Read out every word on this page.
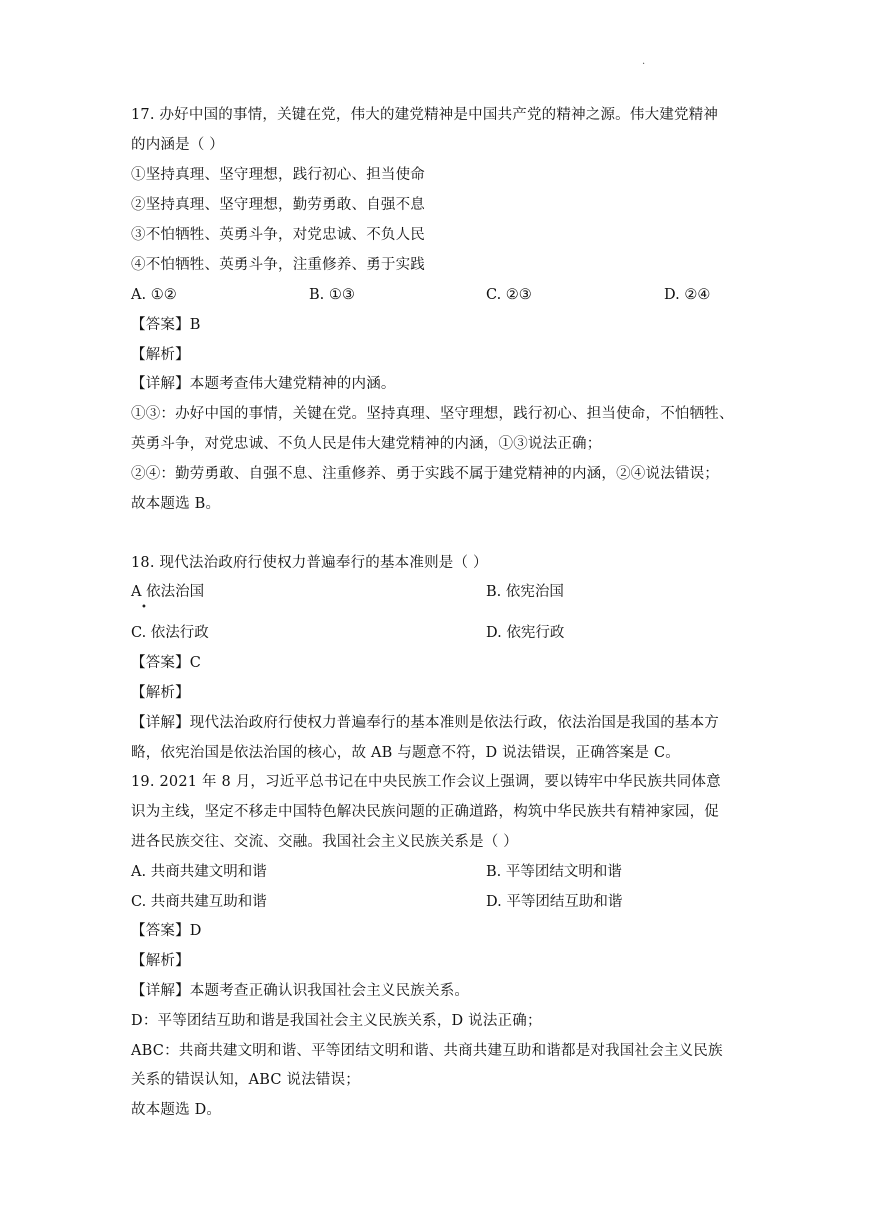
.
17. 办好中国的事情，关键在党，伟大的建党精神是中国共产党的精神之源。伟大建党精神
的内涵是（ ）
①坚持真理、坚守理想，践行初心、担当使命
②坚持真理、坚守理想，勤劳勇敢、自强不息
③不怕牺牲、英勇斗争，对党忠诚、不负人民
④不怕牺牲、英勇斗争，注重修养、勇于实践
A. ①②	B. ①③	C. ②③	D. ②④
【答案】B
【解析】
【详解】本题考查伟大建党精神的内涵。
①③：办好中国的事情，关键在党。坚持真理、坚守理想，践行初心、担当使命，不怕牺牲、
英勇斗争，对党忠诚、不负人民是伟大建党精神的内涵，①③说法正确；
②④：勤劳勇敢、自强不息、注重修养、勇于实践不属于建党精神的内涵，②④说法错误；
故本题选 B。
18. 现代法治政府行使权力普遍奉行的基本准则是（ ）
A 依法治国	B. 依宪治国
•
C. 依法行政	D. 依宪行政
【答案】C
【解析】
【详解】现代法治政府行使权力普遍奉行的基本准则是依法行政，依法治国是我国的基本方
略，依宪治国是依法治国的核心，故 AB 与题意不符，D 说法错误，正确答案是 C。
19. 2021 年 8 月，习近平总书记在中央民族工作会议上强调，要以铸牢中华民族共同体意
识为主线，坚定不移走中国特色解决民族问题的正确道路，构筑中华民族共有精神家园，促
进各民族交往、交流、交融。我国社会主义民族关系是（ ）
A. 共商共建文明和谐	B. 平等团结文明和谐
C. 共商共建互助和谐	D. 平等团结互助和谐
【答案】D
【解析】
【详解】本题考查正确认识我国社会主义民族关系。
D：平等团结互助和谐是我国社会主义民族关系，D 说法正确；
ABC：共商共建文明和谐、平等团结文明和谐、共商共建互助和谐都是对我国社会主义民族
关系的错误认知，ABC 说法错误；
故本题选 D。
